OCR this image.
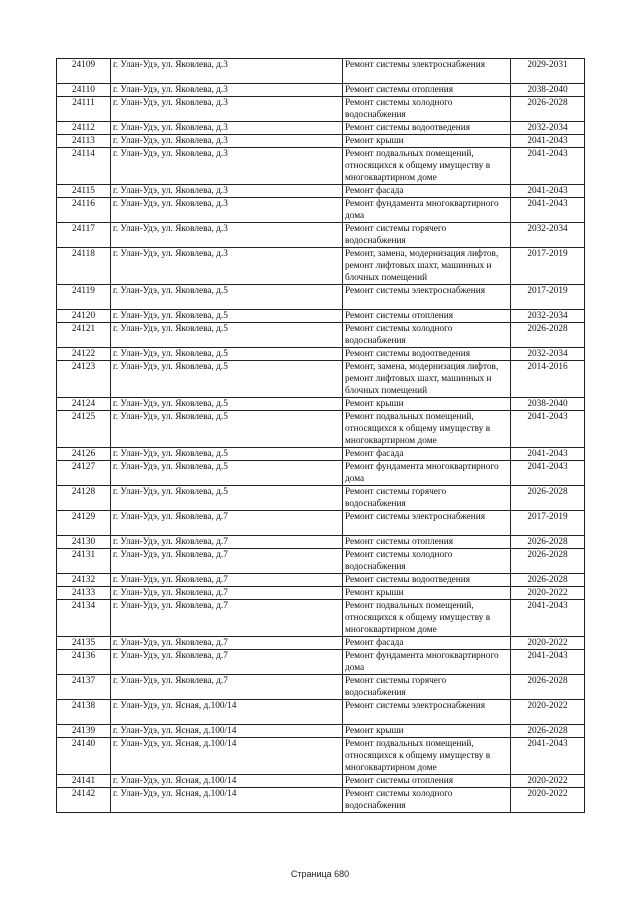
24109	г. Улан-Удэ, ул. Яковлева, д.3	Ремонт системы электроснабжения	2029-2031
24110	г. Улан-Удэ, ул. Яковлева, д.3	Ремонт системы отопления	2038-2040
24111	г. Улан-Удэ, ул. Яковлева, д.3	Ремонт системы холодного водоснабжения	2026-2028
24112	г. Улан-Удэ, ул. Яковлева, д.3	Ремонт системы водоотведения	2032-2034
24113	г. Улан-Удэ, ул. Яковлева, д.3	Ремонт крыши	2041-2043
24114	г. Улан-Удэ, ул. Яковлева, д.3	Ремонт подвальных помещений, относящихся к общему имуществу в многоквартирном доме	2041-2043
24115	г. Улан-Удэ, ул. Яковлева, д.3	Ремонт фасада	2041-2043
24116	г. Улан-Удэ, ул. Яковлева, д.3	Ремонт фундамента многоквартирного дома	2041-2043
24117	г. Улан-Удэ, ул. Яковлева, д.3	Ремонт системы горячего водоснабжения	2032-2034
24118	г. Улан-Удэ, ул. Яковлева, д.3	Ремонт, замена, модернизация лифтов, ремонт лифтовых шахт, машинных и блочных помещений	2017-2019
24119	г. Улан-Удэ, ул. Яковлева, д.5	Ремонт системы электроснабжения	2017-2019
24120	г. Улан-Удэ, ул. Яковлева, д.5	Ремонт системы отопления	2032-2034
24121	г. Улан-Удэ, ул. Яковлева, д.5	Ремонт системы холодного водоснабжения	2026-2028
24122	г. Улан-Удэ, ул. Яковлева, д.5	Ремонт системы водоотведения	2032-2034
24123	г. Улан-Удэ, ул. Яковлева, д.5	Ремонт, замена, модернизация лифтов, ремонт лифтовых шахт, машинных и блочных помещений	2014-2016
24124	г. Улан-Удэ, ул. Яковлева, д.5	Ремонт крыши	2038-2040
24125	г. Улан-Удэ, ул. Яковлева, д.5	Ремонт подвальных помещений, относящихся к общему имуществу в многоквартирном доме	2041-2043
24126	г. Улан-Удэ, ул. Яковлева, д.5	Ремонт фасада	2041-2043
24127	г. Улан-Удэ, ул. Яковлева, д.5	Ремонт фундамента многоквартирного дома	2041-2043
24128	г. Улан-Удэ, ул. Яковлева, д.5	Ремонт системы горячего водоснабжения	2026-2028
24129	г. Улан-Удэ, ул. Яковлева, д.7	Ремонт системы электроснабжения	2017-2019
24130	г. Улан-Удэ, ул. Яковлева, д.7	Ремонт системы отопления	2026-2028
24131	г. Улан-Удэ, ул. Яковлева, д.7	Ремонт системы холодного водоснабжения	2026-2028
24132	г. Улан-Удэ, ул. Яковлева, д.7	Ремонт системы водоотведения	2026-2028
24133	г. Улан-Удэ, ул. Яковлева, д.7	Ремонт крыши	2020-2022
24134	г. Улан-Удэ, ул. Яковлева, д.7	Ремонт подвальных помещений, относящихся к общему имуществу в многоквартирном доме	2041-2043
24135	г. Улан-Удэ, ул. Яковлева, д.7	Ремонт фасада	2020-2022
24136	г. Улан-Удэ, ул. Яковлева, д.7	Ремонт фундамента многоквартирного дома	2041-2043
24137	г. Улан-Удэ, ул. Яковлева, д.7	Ремонт системы горячего водоснабжения	2026-2028
24138	г. Улан-Удэ, ул. Ясная, д.100/14	Ремонт системы электроснабжения	2020-2022
24139	г. Улан-Удэ, ул. Ясная, д.100/14	Ремонт крыши	2026-2028
24140	г. Улан-Удэ, ул. Ясная, д.100/14	Ремонт подвальных помещений, относящихся к общему имуществу в многоквартирном доме	2041-2043
24141	г. Улан-Удэ, ул. Ясная, д.100/14	Ремонт системы отопления	2020-2022
24142	г. Улан-Удэ, ул. Ясная, д.100/14	Ремонт системы холодного водоснабжения	2020-2022
Страница 680
